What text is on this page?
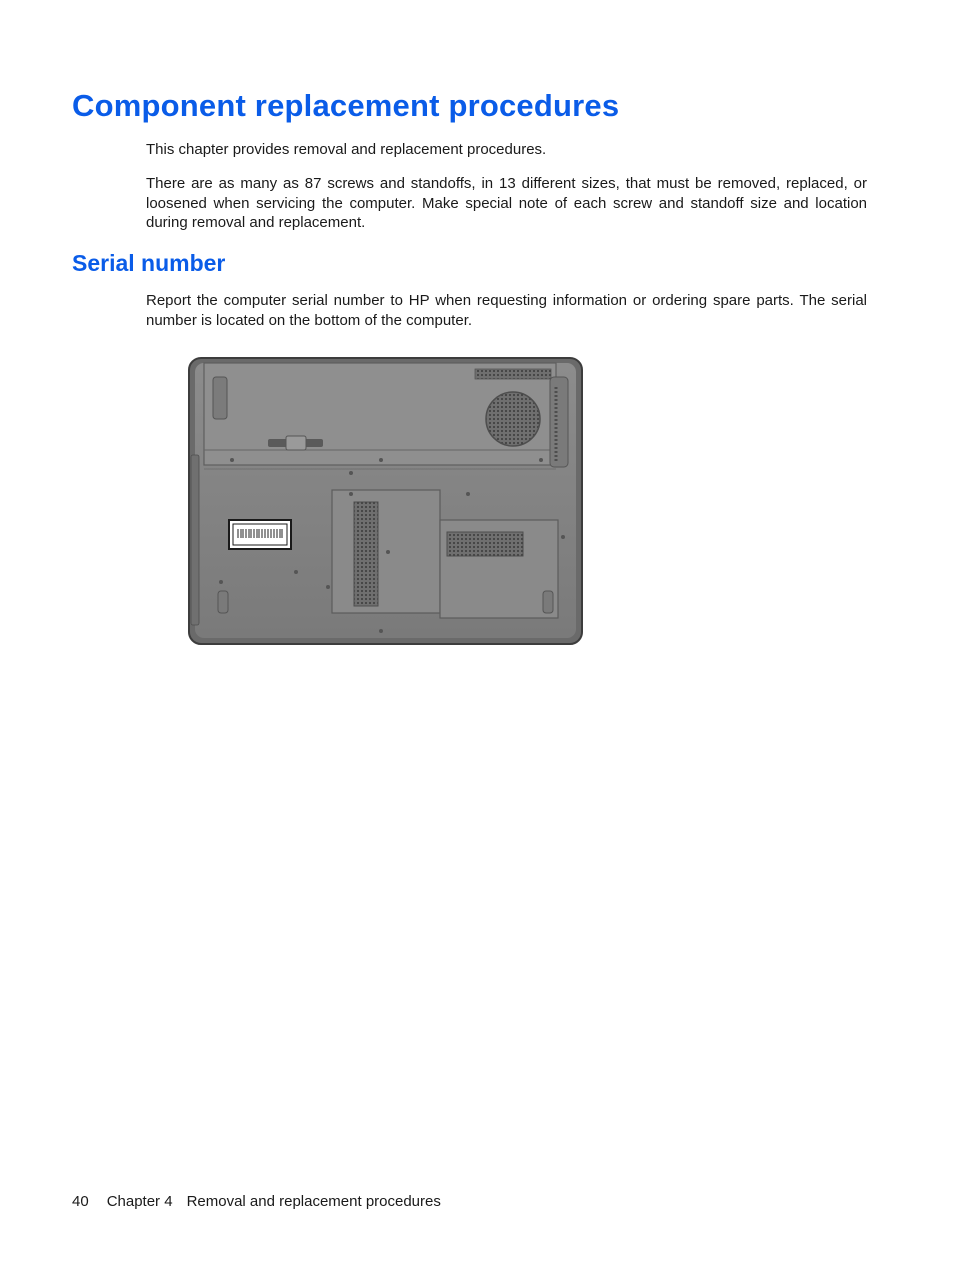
Component replacement procedures

This chapter provides removal and replacement procedures.

There are as many as 87 screws and standoffs, in 13 different sizes, that must be removed, replaced, or loosened when servicing the computer. Make special note of each screw and standoff size and location during removal and replacement.

Serial number

Report the computer serial number to HP when requesting information or ordering spare parts. The serial number is located on the bottom of the computer.

40 Chapter 4 Removal and replacement procedures
